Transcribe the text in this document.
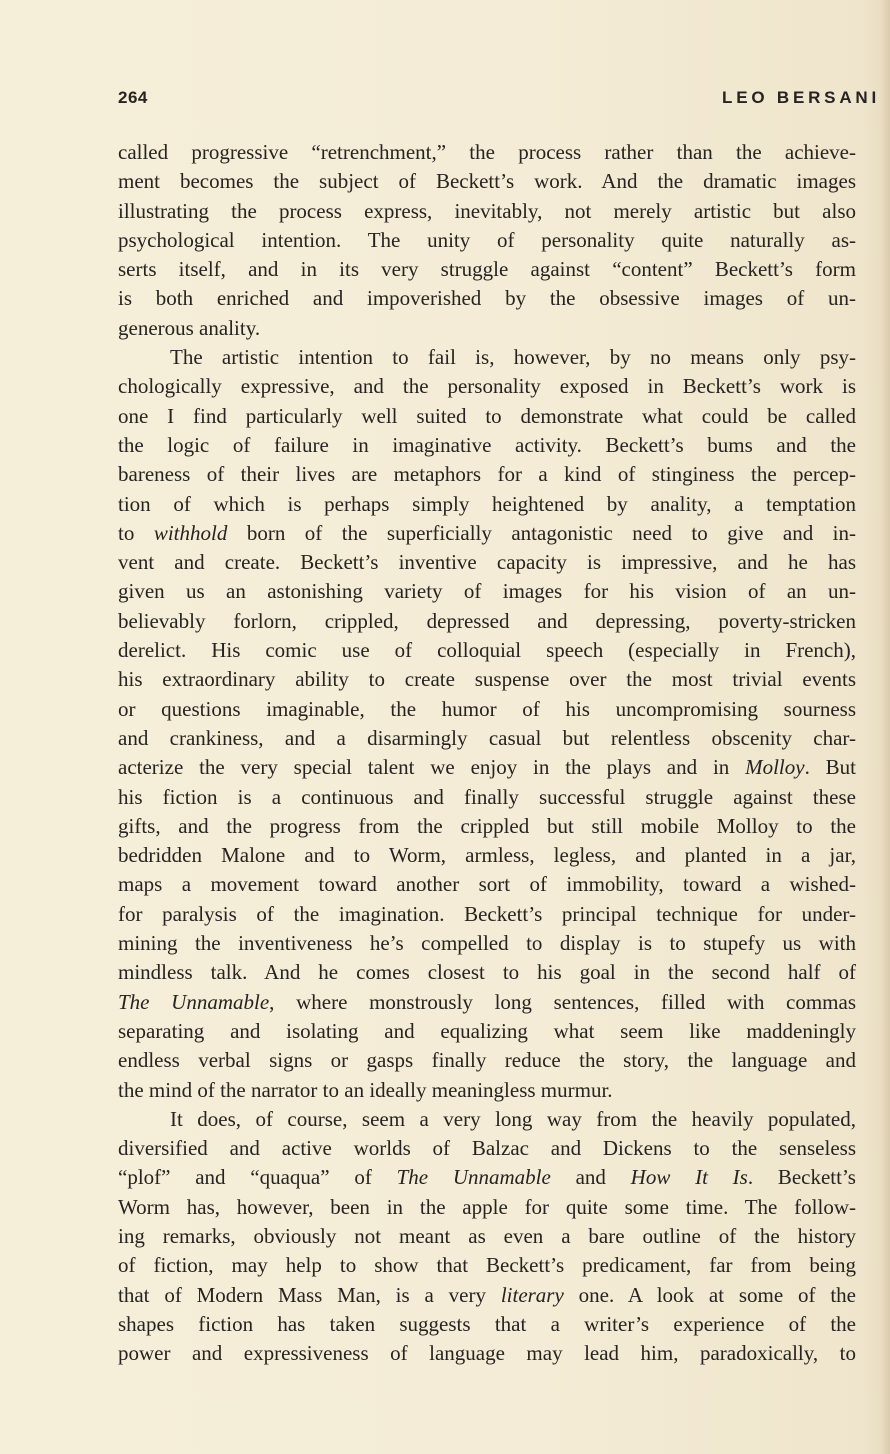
264	LEO BERSANI
called progressive “retrenchment,” the process rather than the achieve-
ment becomes the subject of Beckett’s work. And the dramatic images
illustrating the process express, inevitably, not merely artistic but also
psychological intention. The unity of personality quite naturally as-
serts itself, and in its very struggle against “content” Beckett’s form
is both enriched and impoverished by the obsessive images of un-
generous anality.
The artistic intention to fail is, however, by no means only psy-
chologically expressive, and the personality exposed in Beckett’s work is
one I find particularly well suited to demonstrate what could be called
the logic of failure in imaginative activity. Beckett’s bums and the
bareness of their lives are metaphors for a kind of stinginess the percep-
tion of which is perhaps simply heightened by anality, a temptation
to withhold born of the superficially antagonistic need to give and in-
vent and create. Beckett’s inventive capacity is impressive, and he has
given us an astonishing variety of images for his vision of an un-
believably forlorn, crippled, depressed and depressing, poverty-stricken
derelict. His comic use of colloquial speech (especially in French),
his extraordinary ability to create suspense over the most trivial events
or questions imaginable, the humor of his uncompromising sourness
and crankiness, and a disarmingly casual but relentless obscenity char-
acterize the very special talent we enjoy in the plays and in Molloy. But
his fiction is a continuous and finally successful struggle against these
gifts, and the progress from the crippled but still mobile Molloy to the
bedridden Malone and to Worm, armless, legless, and planted in a jar,
maps a movement toward another sort of immobility, toward a wished-
for paralysis of the imagination. Beckett’s principal technique for under-
mining the inventiveness he’s compelled to display is to stupefy us with
mindless talk. And he comes closest to his goal in the second half of
The Unnamable, where monstrously long sentences, filled with commas
separating and isolating and equalizing what seem like maddeningly
endless verbal signs or gasps finally reduce the story, the language and
the mind of the narrator to an ideally meaningless murmur.
It does, of course, seem a very long way from the heavily populated,
diversified and active worlds of Balzac and Dickens to the senseless
“plof” and “quaqua” of The Unnamable and How It Is. Beckett’s
Worm has, however, been in the apple for quite some time. The follow-
ing remarks, obviously not meant as even a bare outline of the history
of fiction, may help to show that Beckett’s predicament, far from being
that of Modern Mass Man, is a very literary one. A look at some of the
shapes fiction has taken suggests that a writer’s experience of the
power and expressiveness of language may lead him, paradoxically, to
